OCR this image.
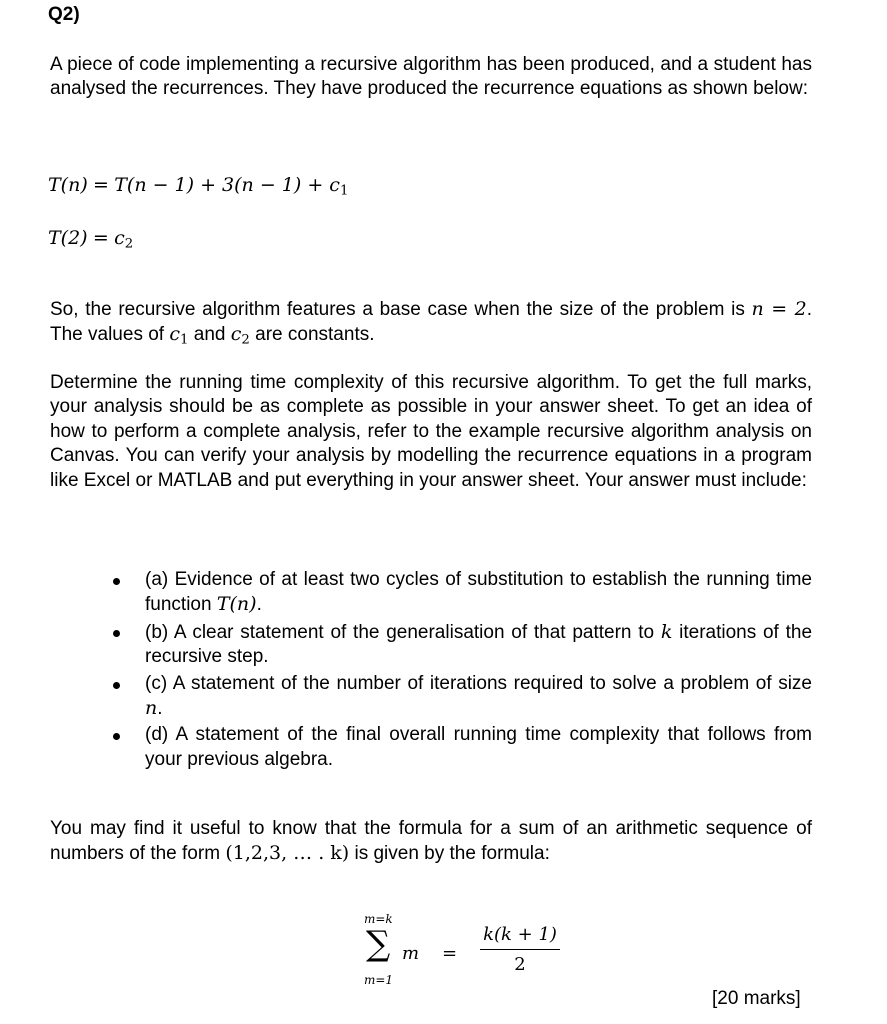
Q2)

A piece of code implementing a recursive algorithm has been produced, and a student has analysed the recurrences. They have produced the recurrence equations as shown below:

$T(n) = T(n - 1) + 3(n - 1) + c_1$
$T(2) = c_2$

So, the recursive algorithm features a base case when the size of the problem is n = 2. The values of $c_1$ and $c_2$ are constants.

Determine the running time complexity of this recursive algorithm. To get the full marks, your analysis should be as complete as possible in your answer sheet. To get an idea of how to perform a complete analysis, refer to the example recursive algorithm analysis on Canvas. You can verify your analysis by modelling the recurrence equations in a program like Excel or MATLAB and put everything in your answer sheet. Your answer must include:

(a) Evidence of at least two cycles of substitution to establish the running time function T(n).
(b) A clear statement of the generalisation of that pattern to k iterations of the recursive step.
(c) A statement of the number of iterations required to solve a problem of size n.
(d) A statement of the final overall running time complexity that follows from your previous algebra.

You may find it useful to know that the formula for a sum of an arithmetic sequence of numbers of the form (1,2,3, … . k) is given by the formula:

m=k
∑
m=1
m =
k(k + 1)
2
[20 marks]
